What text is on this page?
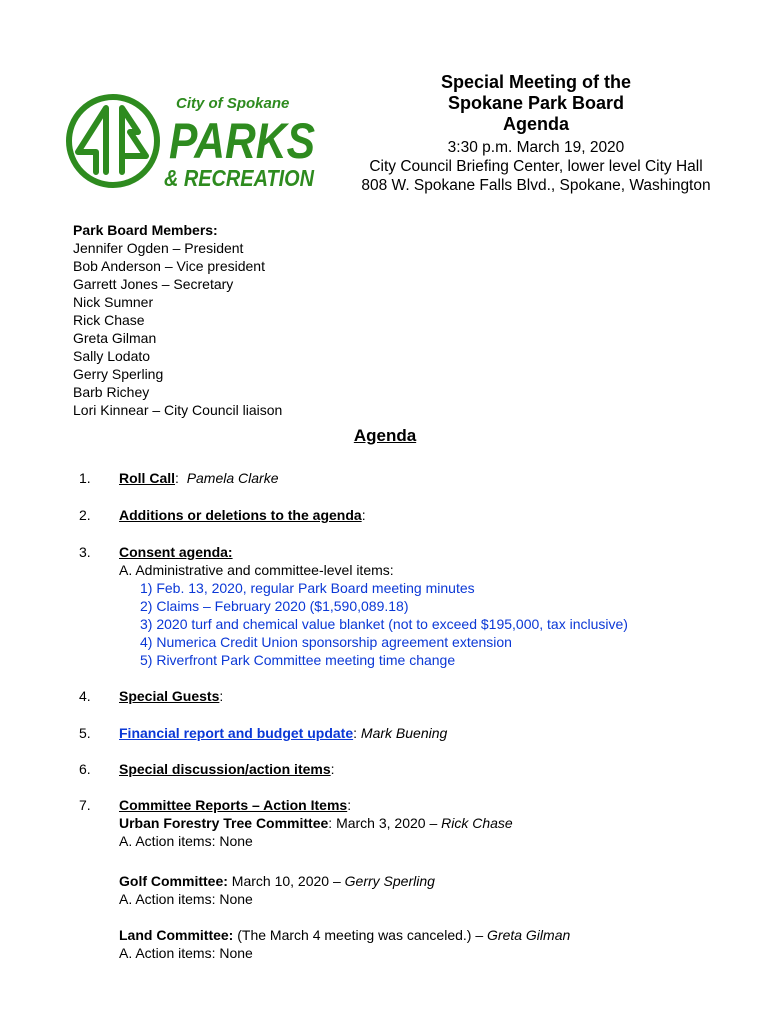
City of Spokane
PARKS
& RECREATION
Special Meeting of the
Spokane Park Board
Agenda
3:30 p.m. March 19, 2020
City Council Briefing Center, lower level City Hall
808 W. Spokane Falls Blvd., Spokane, Washington
Park Board Members:
Jennifer Ogden – President
Bob Anderson – Vice president
Garrett Jones – Secretary
Nick Sumner
Rick Chase
Greta Gilman
Sally Lodato
Gerry Sperling
Barb Richey
Lori Kinnear – City Council liaison
Agenda
1.	Roll Call: Pamela Clarke
2.	Additions or deletions to the agenda:
3.	Consent agenda:
A. Administrative and committee-level items:
1) Feb. 13, 2020, regular Park Board meeting minutes
2) Claims – February 2020 ($1,590,089.18)
3) 2020 turf and chemical value blanket (not to exceed $195,000, tax inclusive)
4) Numerica Credit Union sponsorship agreement extension
5) Riverfront Park Committee meeting time change
4.	Special Guests:
5.	Financial report and budget update: Mark Buening
6.	Special discussion/action items:
7.	Committee Reports – Action Items:
Urban Forestry Tree Committee: March 3, 2020 – Rick Chase
A. Action items: None
Golf Committee: March 10, 2020 – Gerry Sperling
A. Action items: None
Land Committee: (The March 4 meeting was canceled.) – Greta Gilman
A. Action items: None
